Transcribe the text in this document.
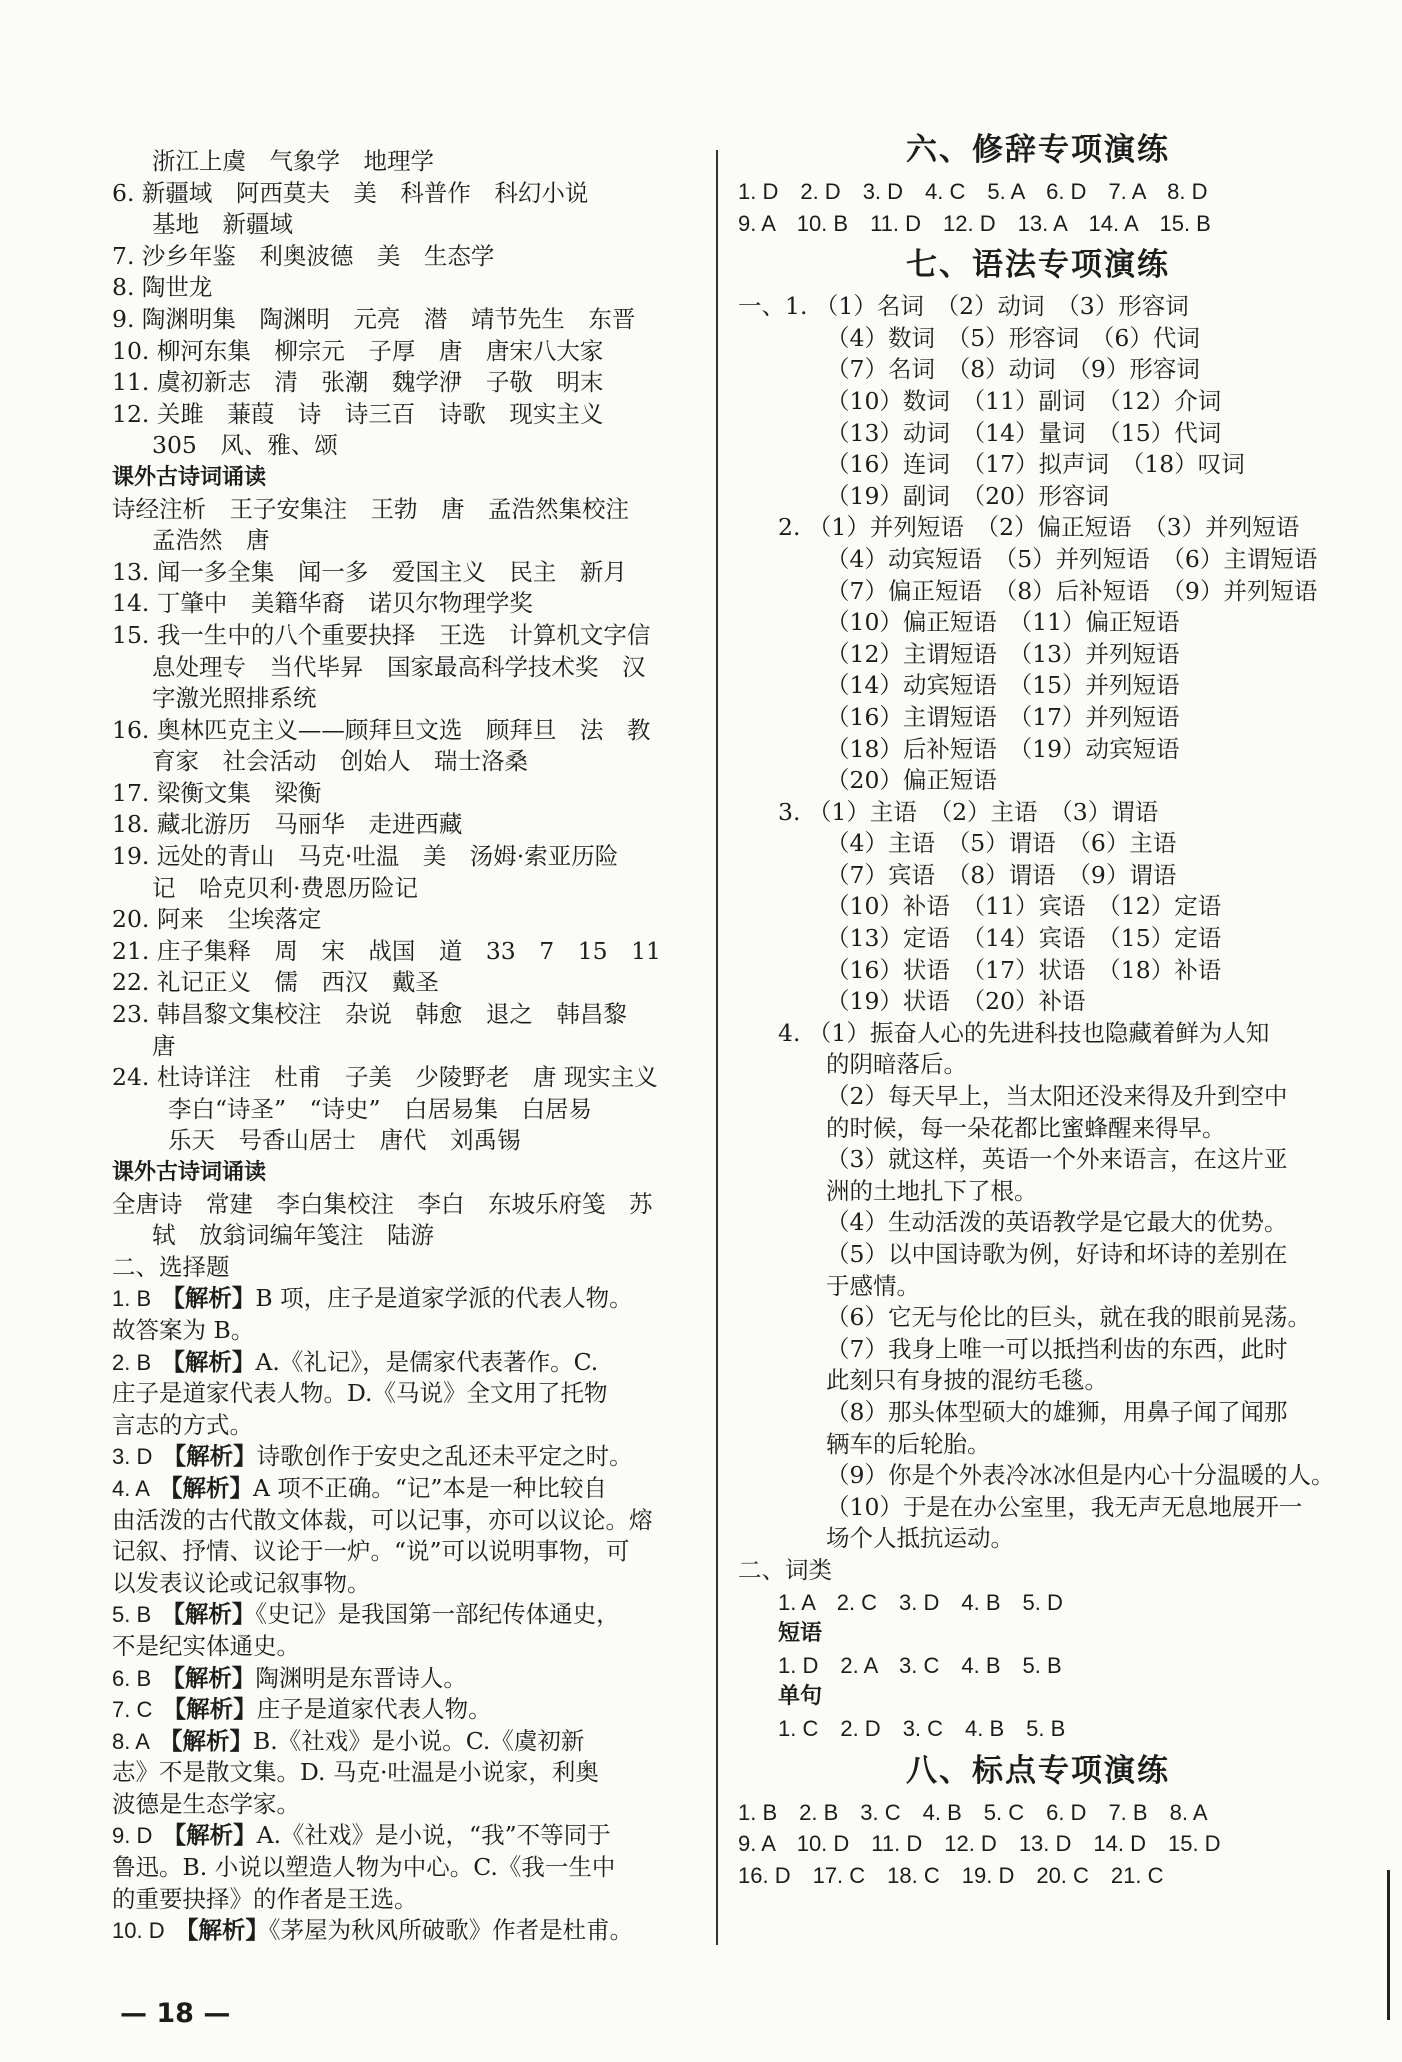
浙江上虞　气象学　地理学
6. 新疆域　阿西莫夫　美　科普作　科幻小说
基地　新疆域
7. 沙乡年鉴　利奥波德　美　生态学
8. 陶世龙
9. 陶渊明集　陶渊明　元亮　潜　靖节先生　东晋
10. 柳河东集　柳宗元　子厚　唐　唐宋八大家
11. 虞初新志　清　张潮　魏学洢　子敬　明末
12. 关雎　蒹葭　诗　诗三百　诗歌　现实主义
305　风、雅、颂
课外古诗词诵读
诗经注析　王子安集注　王勃　唐　孟浩然集校注
孟浩然　唐
13. 闻一多全集　闻一多　爱国主义　民主　新月
14. 丁肇中　美籍华裔　诺贝尔物理学奖
15. 我一生中的八个重要抉择　王选　计算机文字信
息处理专　当代毕昇　国家最高科学技术奖　汉
字激光照排系统
16. 奥林匹克主义——顾拜旦文选　顾拜旦　法　教
育家　社会活动　创始人　瑞士洛桑
17. 梁衡文集　梁衡
18. 藏北游历　马丽华　走进西藏
19. 远处的青山　马克·吐温　美　汤姆·索亚历险
记　哈克贝利·费恩历险记
20. 阿来　尘埃落定
21. 庄子集释　周　宋　战国　道　33　7　15　11
22. 礼记正义　儒　西汉　戴圣
23. 韩昌黎文集校注　杂说　韩愈　退之　韩昌黎
唐
24. 杜诗详注　杜甫　子美　少陵野老　唐 现实主义
李白“诗圣”　“诗史”　白居易集　白居易
乐天　号香山居士　唐代　刘禹锡
课外古诗词诵读
全唐诗　常建　李白集校注　李白　东坡乐府笺　苏
轼　放翁词编年笺注　陆游
二、选择题
1. B　【解析】B 项，庄子是道家学派的代表人物。
故答案为 B。
2. B　【解析】A.《礼记》，是儒家代表著作。C.
庄子是道家代表人物。D.《马说》全文用了托物
言志的方式。
3. D　【解析】诗歌创作于安史之乱还未平定之时。
4. A　【解析】A 项不正确。“记”本是一种比较自
由活泼的古代散文体裁，可以记事，亦可以议论。熔
记叙、抒情、议论于一炉。“说”可以说明事物，可
以发表议论或记叙事物。
5. B　【解析】《史记》是我国第一部纪传体通史，
不是纪实体通史。
6. B　【解析】陶渊明是东晋诗人。
7. C　【解析】庄子是道家代表人物。
8. A　【解析】B.《社戏》是小说。C.《虞初新
志》不是散文集。D. 马克·吐温是小说家，利奥
波德是生态学家。
9. D　【解析】A.《社戏》是小说，“我”不等同于
鲁迅。B. 小说以塑造人物为中心。C.《我一生中
的重要抉择》的作者是王选。
10. D　【解析】《茅屋为秋风所破歌》作者是杜甫。
六、修辞专项演练
1. D　2. D　3. D　4. C　5. A　6. D　7. A　8. D
9. A　10. B　11. D　12. D　13. A　14. A　15. B
七、语法专项演练
一、1. （1）名词　（2）动词　（3）形容词
（4）数词　（5）形容词　（6）代词
（7）名词　（8）动词　（9）形容词
（10）数词　（11）副词　（12）介词
（13）动词　（14）量词　（15）代词
（16）连词　（17）拟声词　（18）叹词
（19）副词　（20）形容词
2. （1）并列短语　（2）偏正短语　（3）并列短语
（4）动宾短语　（5）并列短语　（6）主谓短语
（7）偏正短语　（8）后补短语　（9）并列短语
（10）偏正短语　（11）偏正短语
（12）主谓短语　（13）并列短语
（14）动宾短语　（15）并列短语
（16）主谓短语　（17）并列短语
（18）后补短语　（19）动宾短语
（20）偏正短语
3. （1）主语　（2）主语　（3）谓语
（4）主语　（5）谓语　（6）主语
（7）宾语　（8）谓语　（9）谓语
（10）补语　（11）宾语　（12）定语
（13）定语　（14）宾语　（15）定语
（16）状语　（17）状语　（18）补语
（19）状语　（20）补语
4. （1）振奋人心的先进科技也隐藏着鲜为人知
的阴暗落后。
（2）每天早上，当太阳还没来得及升到空中
的时候，每一朵花都比蜜蜂醒来得早。
（3）就这样，英语一个外来语言，在这片亚
洲的土地扎下了根。
（4）生动活泼的英语教学是它最大的优势。
（5）以中国诗歌为例，好诗和坏诗的差别在
于感情。
（6）它无与伦比的巨头，就在我的眼前晃荡。
（7）我身上唯一可以抵挡利齿的东西，此时
此刻只有身披的混纺毛毯。
（8）那头体型硕大的雄狮，用鼻子闻了闻那
辆车的后轮胎。
（9）你是个外表冷冰冰但是内心十分温暖的人。
（10）于是在办公室里，我无声无息地展开一
场个人抵抗运动。
二、词类
1. A　2. C　3. D　4. B　5. D
短语
1. D　2. A　3. C　4. B　5. B
单句
1. C　2. D　3. C　4. B　5. B
八、标点专项演练
1. B　2. B　3. C　4. B　5. C　6. D　7. B　8. A
9. A　10. D　11. D　12. D　13. D　14. D　15. D
16. D　17. C　18. C　19. D　20. C　21. C
— 18 —
